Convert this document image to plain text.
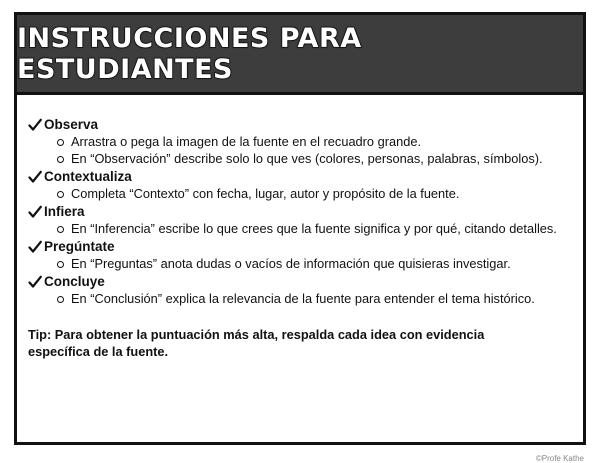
INSTRUCCIONES PARA ESTUDIANTES
Observa
Arrastra o pega la imagen de la fuente en el recuadro grande.
En “Observación” describe solo lo que ves (colores, personas, palabras, símbolos).
Contextualiza
Completa “Contexto” con fecha, lugar, autor y propósito de la fuente.
Infiera
En “Inferencia” escribe lo que crees que la fuente significa y por qué, citando detalles.
Pregúntate
En “Preguntas” anota dudas o vacíos de información que quisieras investigar.
Concluye
En “Conclusión” explica la relevancia de la fuente para entender el tema histórico.
Tip: Para obtener la puntuación más alta, respalda cada idea con evidencia específica de la fuente.
©Profe Kathe
